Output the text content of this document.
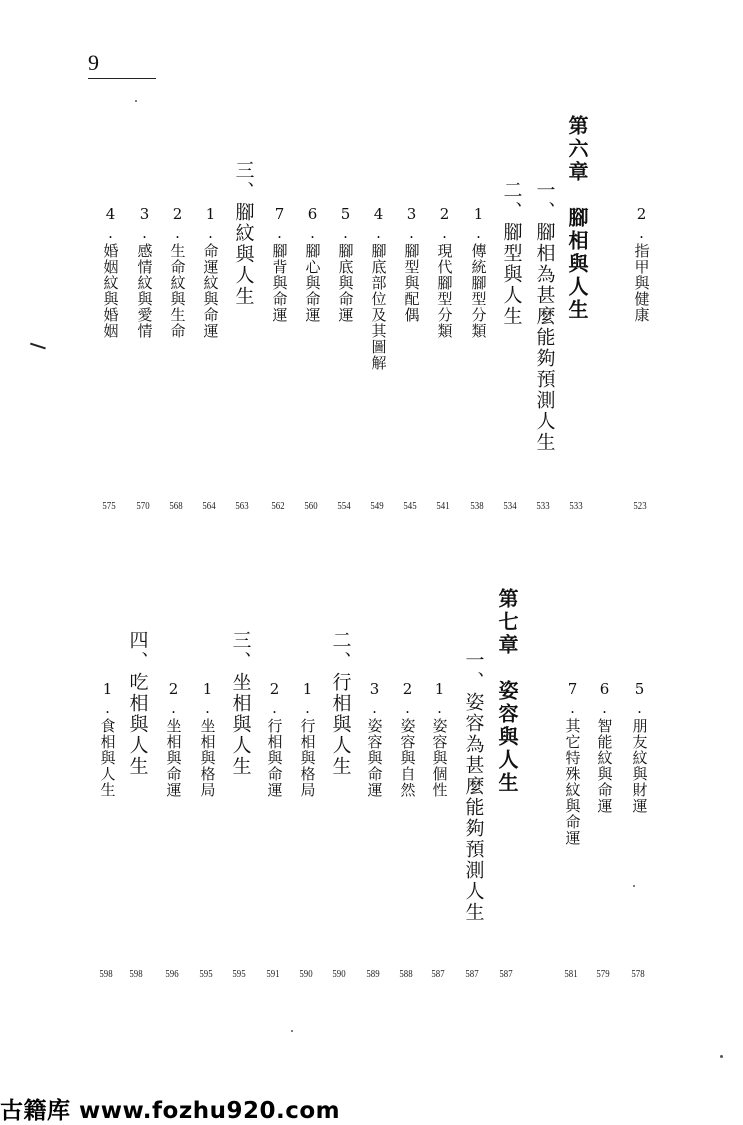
9
2.指甲與健康
523
第六章　腳相與人生
533
一、腳相為甚麼能夠預測人生
533
二、腳型與人生
534
1.傳統腳型分類
538
2.現代腳型分類
541
3.腳型與配偶
545
4.腳底部位及其圖解
549
5.腳底與命運
554
6.腳心與命運
560
7.腳背與命運
562
三、腳紋與人生
563
1.命運紋與命運
564
2.生命紋與生命
568
3.感情紋與愛情
570
4.婚姻紋與婚姻
575
5.朋友紋與財運
578
6.智能紋與命運
579
7.其它特殊紋與命運
581
第七章　姿容與人生
587
一、姿容為甚麼能夠預測人生
587
1.姿容與個性
587
2.姿容與自然
588
3.姿容與命運
589
二、行相與人生
590
1.行相與格局
590
2.行相與命運
591
三、坐相與人生
595
1.坐相與格局
595
2.坐相與命運
596
四、吃相與人生
598
1.食相與人生
598
古籍库 www.fozhu920.com
